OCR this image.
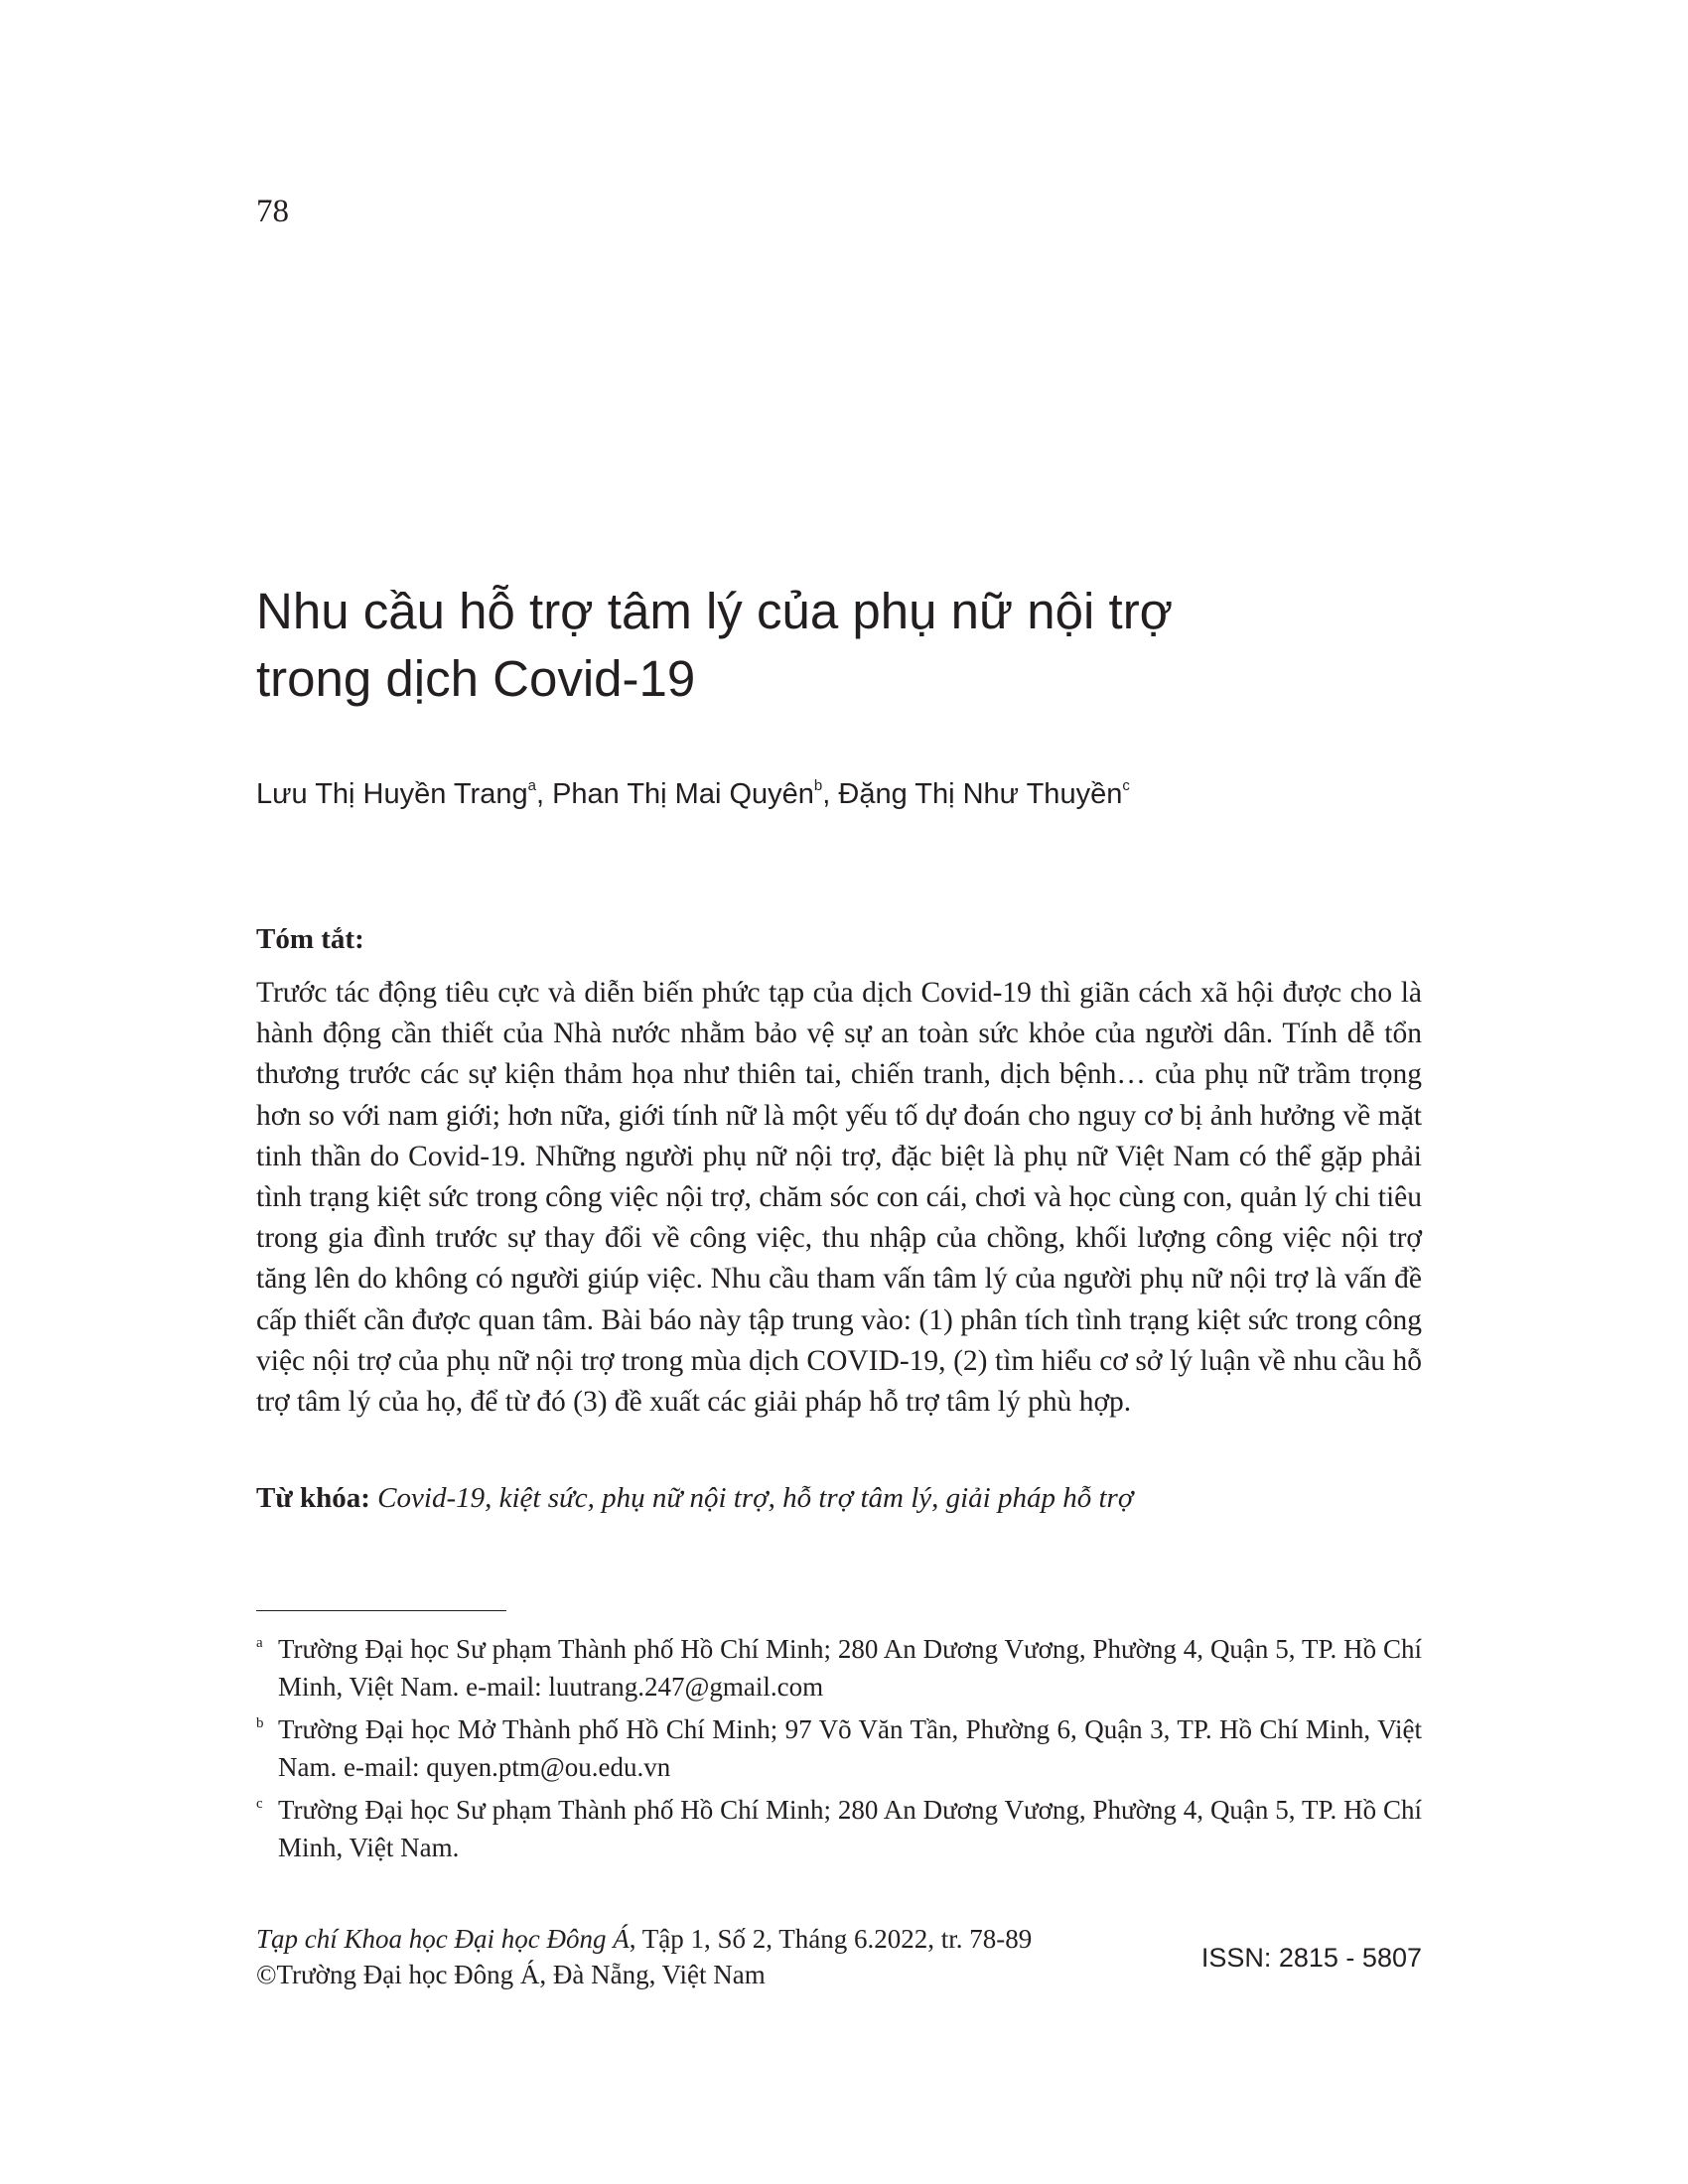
78
Nhu cầu hỗ trợ tâm lý của phụ nữ nội trợ
trong dịch Covid-19
Lưu Thị Huyền Trang$^a$, Phan Thị Mai Quyên$^b$, Đặng Thị Như Thuyền$^c$
Tóm tắt:

Trước tác động tiêu cực và diễn biến phức tạp của dịch Covid-19 thì giãn cách xã hội được cho là hành động cần thiết của Nhà nước nhằm bảo vệ sự an toàn sức khỏe của người dân. Tính dễ tổn thương trước các sự kiện thảm họa như thiên tai, chiến tranh, dịch bệnh… của phụ nữ trầm trọng hơn so với nam giới; hơn nữa, giới tính nữ là một yếu tố dự đoán cho nguy cơ bị ảnh hưởng về mặt tinh thần do Covid-19. Những người phụ nữ nội trợ, đặc biệt là phụ nữ Việt Nam có thể gặp phải tình trạng kiệt sức trong công việc nội trợ, chăm sóc con cái, chơi và học cùng con, quản lý chi tiêu trong gia đình trước sự thay đổi về công việc, thu nhập của chồng, khối lượng công việc nội trợ tăng lên do không có người giúp việc. Nhu cầu tham vấn tâm lý của người phụ nữ nội trợ là vấn đề cấp thiết cần được quan tâm. Bài báo này tập trung vào: (1) phân tích tình trạng kiệt sức trong công việc nội trợ của phụ nữ nội trợ trong mùa dịch COVID-19, (2) tìm hiểu cơ sở lý luận về nhu cầu hỗ trợ tâm lý của họ, để từ đó (3) đề xuất các giải pháp hỗ trợ tâm lý phù hợp.

Từ khóa: Covid-19, kiệt sức, phụ nữ nội trợ, hỗ trợ tâm lý, giải pháp hỗ trợ
a Trường Đại học Sư phạm Thành phố Hồ Chí Minh; 280 An Dương Vương, Phường 4, Quận 5, TP. Hồ Chí Minh, Việt Nam. e-mail: luutrang.247@gmail.com
b Trường Đại học Mở Thành phố Hồ Chí Minh; 97 Võ Văn Tần, Phường 6, Quận 3, TP. Hồ Chí Minh, Việt Nam. e-mail: quyen.ptm@ou.edu.vn
c Trường Đại học Sư phạm Thành phố Hồ Chí Minh; 280 An Dương Vương, Phường 4, Quận 5, TP. Hồ Chí Minh, Việt Nam.
Tạp chí Khoa học Đại học Đông Á, Tập 1, Số 2, Tháng 6.2022, tr. 78-89
©Trường Đại học Đông Á, Đà Nẵng, Việt Nam
ISSN: 2815 - 5807
